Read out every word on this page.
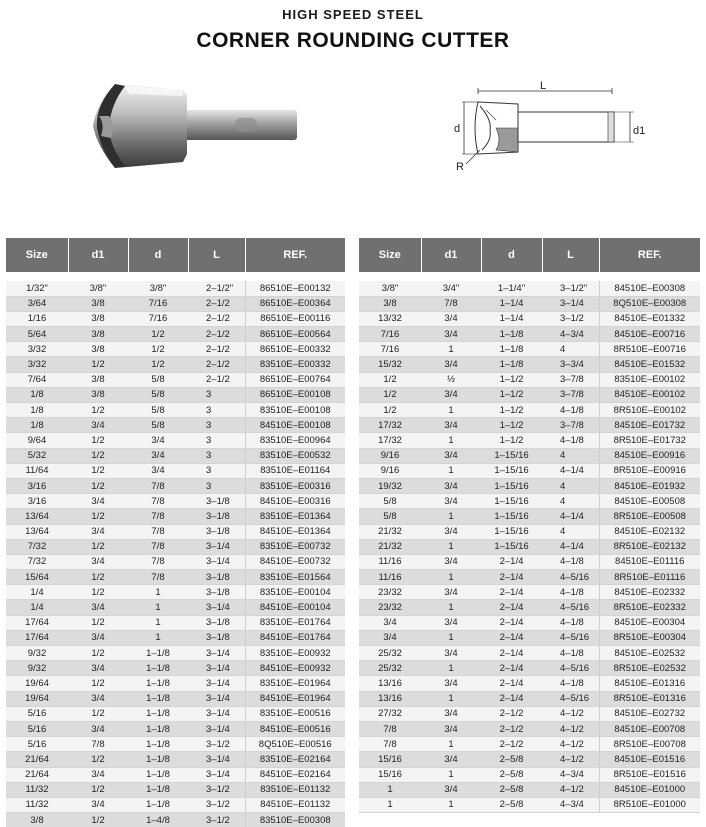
HIGH SPEED STEEL
CORNER ROUNDING CUTTER
L
d	d1
R
Size	d1	d	L	REF.

1/32"	3/8"	3/8"	2–1/2"	86510E–E00132
3/64	3/8	7/16	2–1/2	86510E–E00364
1/16	3/8	7/16	2–1/2	86510E–E00116
5/64	3/8	1/2	2–1/2	86510E–E00564
3/32	3/8	1/2	2–1/2	86510E–E00332
3/32	1/2	1/2	2–1/2	83510E–E00332
7/64	3/8	5/8	2–1/2	86510E–E00764
1/8	3/8	5/8	3	86510E–E00108
1/8	1/2	5/8	3	83510E–E00108
1/8	3/4	5/8	3	84510E–E00108
9/64	1/2	3/4	3	83510E–E00964
5/32	1/2	3/4	3	83510E–E00532
11/64	1/2	3/4	3	83510E–E01164
3/16	1/2	7/8	3	83510E–E00316
3/16	3/4	7/8	3–1/8	84510E–E00316
13/64	1/2	7/8	3–1/8	83510E–E01364
13/64	3/4	7/8	3–1/8	84510E–E01364
7/32	1/2	7/8	3–1/4	83510E–E00732
7/32	3/4	7/8	3–1/4	84510E–E00732
15/64	1/2	7/8	3–1/8	83510E–E01564
1/4	1/2	1	3–1/8	83510E–E00104
1/4	3/4	1	3–1/4	84510E–E00104
17/64	1/2	1	3–1/8	83510E–E01764
17/64	3/4	1	3–1/8	84510E–E01764
9/32	1/2	1–1/8	3–1/4	83510E–E00932
9/32	3/4	1–1/8	3–1/4	84510E–E00932
19/64	1/2	1–1/8	3–1/4	83510E–E01964
19/64	3/4	1–1/8	3–1/4	84510E–E01964
5/16	1/2	1–1/8	3–1/4	83510E–E00516
5/16	3/4	1–1/8	3–1/4	84510E–E00516
5/16	7/8	1–1/8	3–1/2	8Q510E–E00516
21/64	1/2	1–1/8	3–1/4	83510E–E02164
21/64	3/4	1–1/8	3–1/4	84510E–E02164
11/32	1/2	1–1/8	3–1/2	83510E–E01132
11/32	3/4	1–1/8	3–1/2	84510E–E01132
3/8	1/2	1–4/8	3–1/2	83510E–E00308
Size	d1	d	L	REF.

3/8"	3/4"	1–1/4"	3–1/2"	84510E–E00308
3/8	7/8	1–1/4	3–1/4	8Q510E–E00308
13/32	3/4	1–1/4	3–1/2	84510E–E01332
7/16	3/4	1–1/8	4–3/4	84510E–E00716
7/16	1	1–1/8	4	8R510E–E00716
15/32	3/4	1–1/8	3–3/4	84510E–E01532
1/2	½	1–1/2	3–7/8	83510E–E00102
1/2	3/4	1–1/2	3–7/8	84510E–E00102
1/2	1	1–1/2	4–1/8	8R510E–E00102
17/32	3/4	1–1/2	3–7/8	84510E–E01732
17/32	1	1–1/2	4–1/8	8R510E–E01732
9/16	3/4	1–15/16	4	84510E–E00916
9/16	1	1–15/16	4–1/4	8R510E–E00916
19/32	3/4	1–15/16	4	84510E–E01932
5/8	3/4	1–15/16	4	84510E–E00508
5/8	1	1–15/16	4–1/4	8R510E–E00508
21/32	3/4	1–15/16	4	84510E–E02132
21/32	1	1–15/16	4–1/4	8R510E–E02132
11/16	3/4	2–1/4	4–1/8	84510E–E01116
11/16	1	2–1/4	4–5/16	8R510E–E01116
23/32	3/4	2–1/4	4–1/8	84510E–E02332
23/32	1	2–1/4	4–5/16	8R510E–E02332
3/4	3/4	2–1/4	4–1/8	84510E–E00304
3/4	1	2–1/4	4–5/16	8R510E–E00304
25/32	3/4	2–1/4	4–1/8	84510E–E02532
25/32	1	2–1/4	4–5/16	8R510E–E02532
13/16	3/4	2–1/4	4–1/8	84510E–E01316
13/16	1	2–1/4	4–5/16	8R510E–E01316
27/32	3/4	2–1/2	4–1/2	84510E–E02732
7/8	3/4	2–1/2	4–1/2	84510E–E00708
7/8	1	2–1/2	4–1/2	8R510E–E00708
15/16	3/4	2–5/8	4–1/2	84510E–E01516
15/16	1	2–5/8	4–3/4	8R510E–E01516
1	3/4	2–5/8	4–1/2	84510E–E01000
1	1	2–5/8	4–3/4	8R510E–E01000
